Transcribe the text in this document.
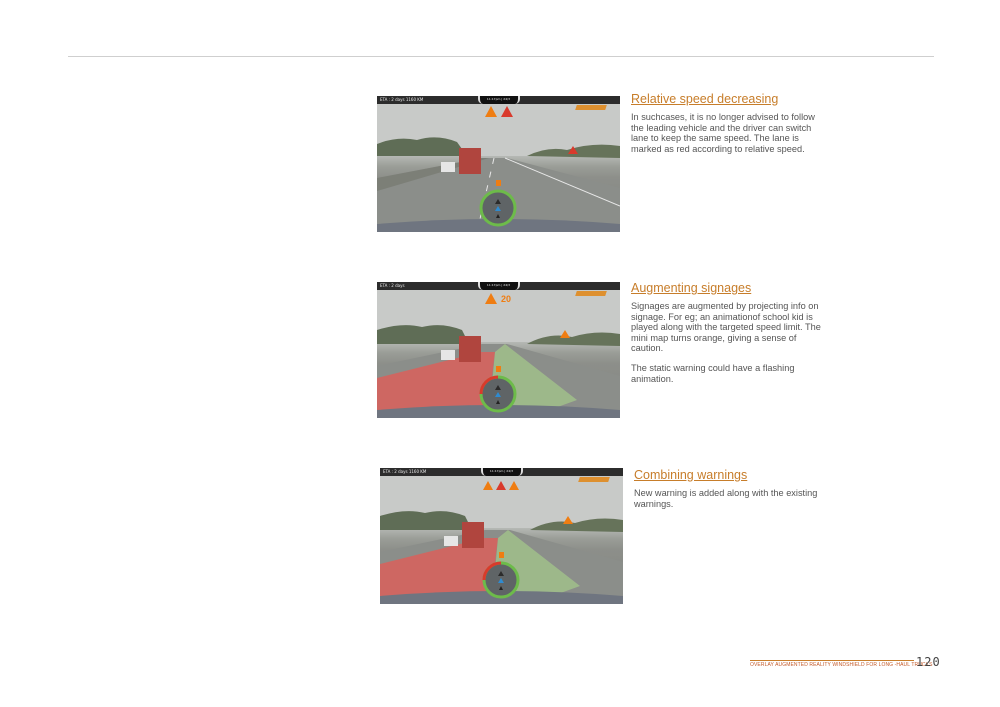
ETA : 2 days 1160 KM	11:17pm | 24/3	Relative speed decreasing
In suchcases, it is no longer advised to follow the leading vehicle and the driver can switch lane to keep the same speed. The lane is marked as red according to relative speed.
ETA : 2 days	11:17pm | 24/3
20
Augmenting signages
Signages are augmented by projecting info on signage. For eg; an animationof school kid is played along with the targeted speed limit. The mini map turns orange, giving a sense of caution.
The static warning could have a flashing animation.
ETA : 2 days 1160 KM	11:17pm | 24/3	Combining warnings
New warning is added along with the existing warnings.
OVERLAY AUGMENTED REALITY WINDSHIELD FOR LONG -HAUL TRUCKS
120
